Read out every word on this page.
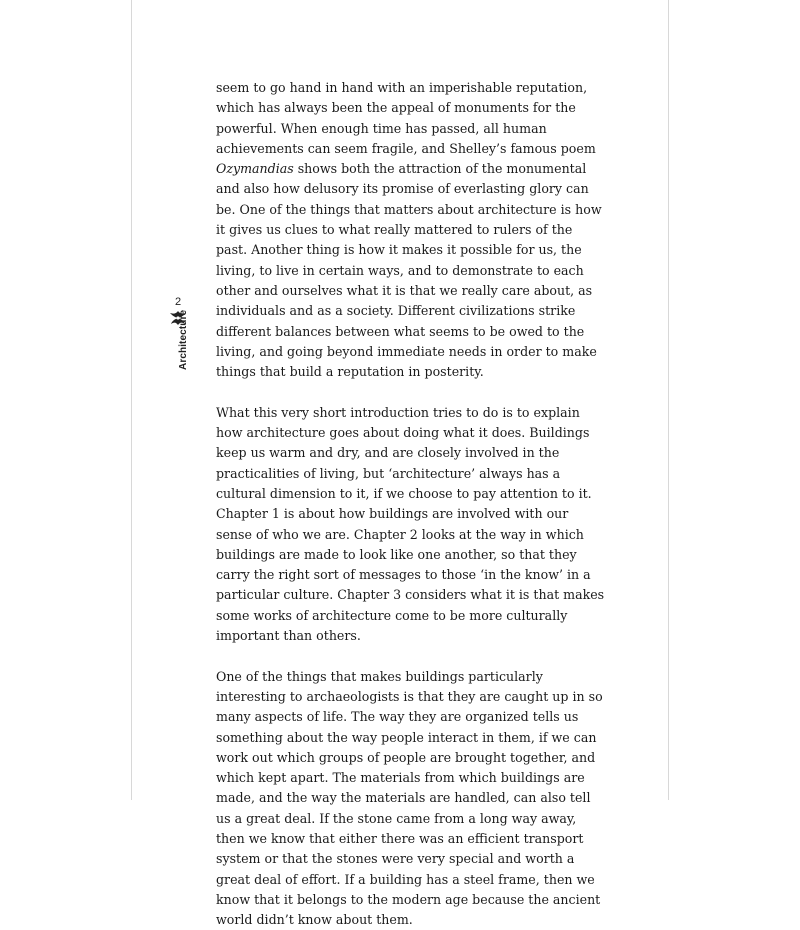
2
Architecture

seem to go hand in hand with an imperishable reputation, which has always been the appeal of monuments for the powerful. When enough time has passed, all human achievements can seem fragile, and Shelley’s famous poem Ozymandias shows both the attraction of the monumental and also how delusory its promise of everlasting glory can be. One of the things that matters about architecture is how it gives us clues to what really mattered to rulers of the past. Another thing is how it makes it possible for us, the living, to live in certain ways, and to demonstrate to each other and ourselves what it is that we really care about, as individuals and as a society. Different civilizations strike different balances between what seems to be owed to the living, and going beyond immediate needs in order to make things that build a reputation in posterity.

What this very short introduction tries to do is to explain how architecture goes about doing what it does. Buildings keep us warm and dry, and are closely involved in the practicalities of living, but ‘architecture’ always has a cultural dimension to it, if we choose to pay attention to it. Chapter 1 is about how buildings are involved with our sense of who we are. Chapter 2 looks at the way in which buildings are made to look like one another, so that they carry the right sort of messages to those ‘in the know’ in a particular culture. Chapter 3 considers what it is that makes some works of architecture come to be more culturally important than others.

One of the things that makes buildings particularly interesting to archaeologists is that they are caught up in so many aspects of life. The way they are organized tells us something about the way people interact in them, if we can work out which groups of people are brought together, and which kept apart. The materials from which buildings are made, and the way the materials are handled, can also tell us a great deal. If the stone came from a long way away, then we know that either there was an efficient transport system or that the stones were very special and worth a great deal of effort. If a building has a steel frame, then we know that it belongs to the modern age because the ancient world didn’t know about them.
